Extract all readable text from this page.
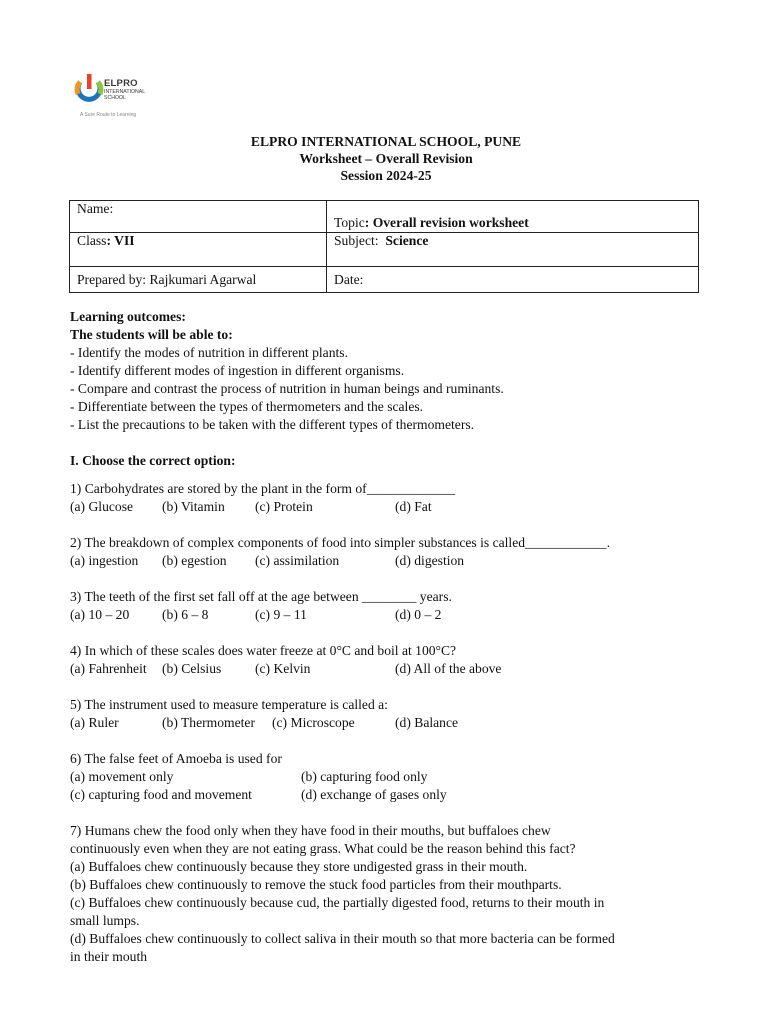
ELPRO
INTERNATIONAL
SCHOOL
A Sure Route to Learning
ELPRO INTERNATIONAL SCHOOL, PUNE
Worksheet – Overall Revision
Session 2024-25
Name:	Topic: Overall revision worksheet
Class: VII	Subject: Science
Prepared by: Rajkumari Agarwal	Date:
Learning outcomes:
The students will be able to:
- Identify the modes of nutrition in different plants.
- Identify different modes of ingestion in different organisms.
- Compare and contrast the process of nutrition in human beings and ruminants.
- Differentiate between the types of thermometers and the scales.
- List the precautions to be taken with the different types of thermometers.
I. Choose the correct option:
1) Carbohydrates are stored by the plant in the form of_____________
(a) Glucose (b) Vitamin (c) Protein	(d) Fat
2) The breakdown of complex components of food into simpler substances is called____________.
(a) ingestion (b) egestion (c) assimilation	(d) digestion
3) The teeth of the first set fall off at the age between ________ years.
(a) 10 – 20 (b) 6 – 8	(c) 9 – 11	(d) 0 – 2
4) In which of these scales does water freeze at 0°C and boil at 100°C?
(a) Fahrenheit (b) Celsius (c) Kelvin	(d) All of the above
5) The instrument used to measure temperature is called a:
(a) Ruler	(b) Thermometer (c) Microscope	(d) Balance
6) The false feet of Amoeba is used for
(a) movement only	(b) capturing food only
(c) capturing food and movement	(d) exchange of gases only
7) Humans chew the food only when they have food in their mouths, but buffaloes chew
continuously even when they are not eating grass. What could be the reason behind this fact?
(a) Buffaloes chew continuously because they store undigested grass in their mouth.
(b) Buffaloes chew continuously to remove the stuck food particles from their mouthparts.
(c) Buffaloes chew continuously because cud, the partially digested food, returns to their mouth in
small lumps.
(d) Buffaloes chew continuously to collect saliva in their mouth so that more bacteria can be formed
in their mouth
